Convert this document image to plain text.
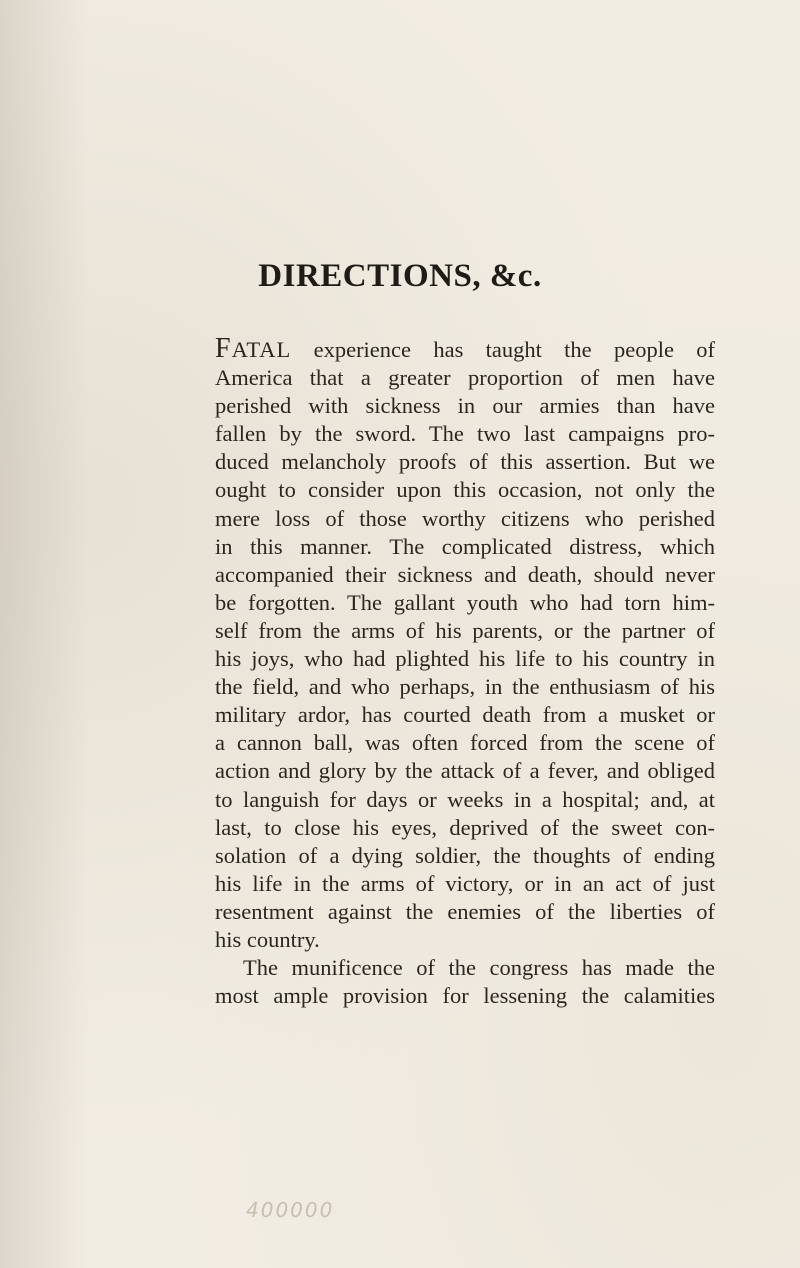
DIRECTIONS, &c.
FATAL experience has taught the people of
America that a greater proportion of men have
perished with sickness in our armies than have
fallen by the sword. The two last campaigns pro-
duced melancholy proofs of this assertion. But we
ought to consider upon this occasion, not only the
mere loss of those worthy citizens who perished
in this manner. The complicated distress, which
accompanied their sickness and death, should never
be forgotten. The gallant youth who had torn him-
self from the arms of his parents, or the partner of
his joys, who had plighted his life to his country in
the field, and who perhaps, in the enthusiasm of his
military ardor, has courted death from a musket or
a cannon ball, was often forced from the scene of
action and glory by the attack of a fever, and obliged
to languish for days or weeks in a hospital; and, at
last, to close his eyes, deprived of the sweet con-
solation of a dying soldier, the thoughts of ending
his life in the arms of victory, or in an act of just
resentment against the enemies of the liberties of
his country.
The munificence of the congress has made the
most ample provision for lessening the calamities
400000
